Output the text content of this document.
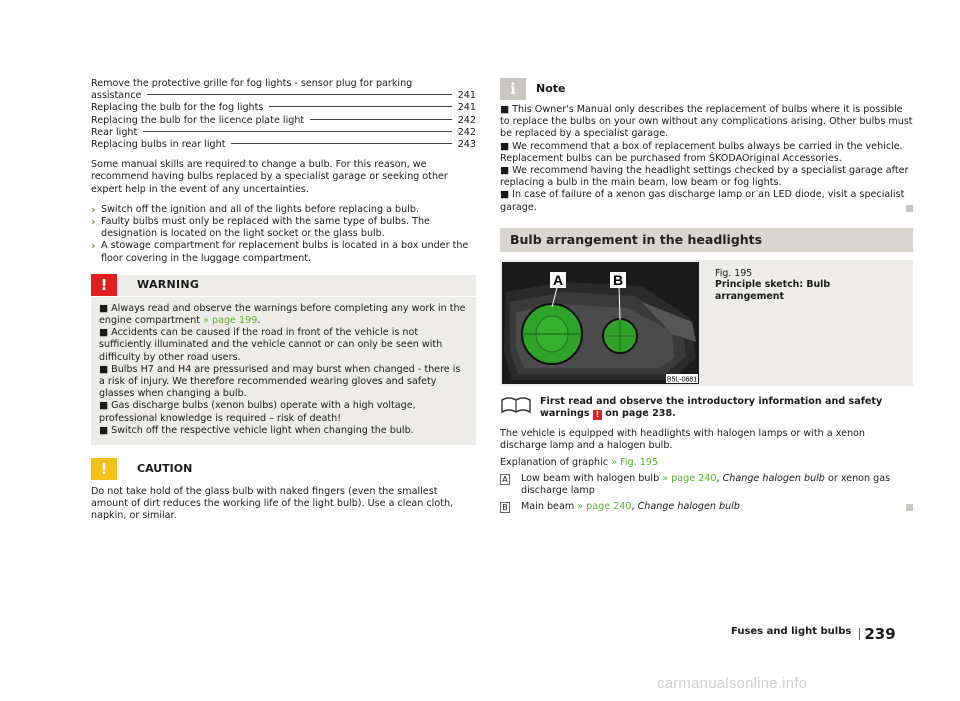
Remove the protective grille for fog lights - sensor plug for parking
assistance	241
Replacing the bulb for the fog lights	241
Replacing the bulb for the licence plate light	242
Rear light	242
Replacing bulbs in rear light	243

Some manual skills are required to change a bulb. For this reason, we recommend having bulbs replaced by a specialist garage or seeking other expert help in the event of any uncertainties.

› Switch off the ignition and all of the lights before replacing a bulb.
› Faulty bulbs must only be replaced with the same type of bulbs. The designation is located on the light socket or the glass bulb.
› A stowage compartment for replacement bulbs is located in a box under the floor covering in the luggage compartment.
!	WARNING

■ Always read and observe the warnings before completing any work in the engine compartment » page 199.

■ Accidents can be caused if the road in front of the vehicle is not sufficiently illuminated and the vehicle cannot or can only be seen with difficulty by other road users.

■ Bulbs H7 and H4 are pressurised and may burst when changed - there is a risk of injury. We therefore recommended wearing gloves and safety glasses when changing a bulb.

■ Gas discharge bulbs (xenon bulbs) operate with a high voltage, professional knowledge is required – risk of death!

■ Switch off the respective vehicle light when changing the bulb.

!	CAUTION

Do not take hold of the glass bulb with naked fingers (even the smallest amount of dirt reduces the working life of the light bulb). Use a clean cloth, napkin, or similar.

i	Note

■ This Owner's Manual only describes the replacement of bulbs where it is possible to replace the bulbs on your own without any complications arising. Other bulbs must be replaced by a specialist garage.

■ We recommend that a box of replacement bulbs always be carried in the vehicle. Replacement bulbs can be purchased from ŠKODAOriginal Accessories.

■ We recommend having the headlight settings checked by a specialist garage after replacing a bulb in the main beam, low beam or fog lights.

■ In case of failure of a xenon gas discharge lamp or an LED diode, visit a specialist garage.

Bulb arrangement in the headlights
A	B
B5L-0681
Fig. 195
Principle sketch: Bulb arrangement
First read and observe the introductory information and safety warnings ! on page 238.

The vehicle is equipped with headlights with halogen lamps or with a xenon discharge lamp and a halogen bulb.

Explanation of graphic » Fig. 195

A Low beam with halogen bulb » page 240, Change halogen bulb or xenon gas discharge lamp
B Main beam » page 240, Change halogen bulb
Fuses and light bulbs 239
carmanualsonline.info
